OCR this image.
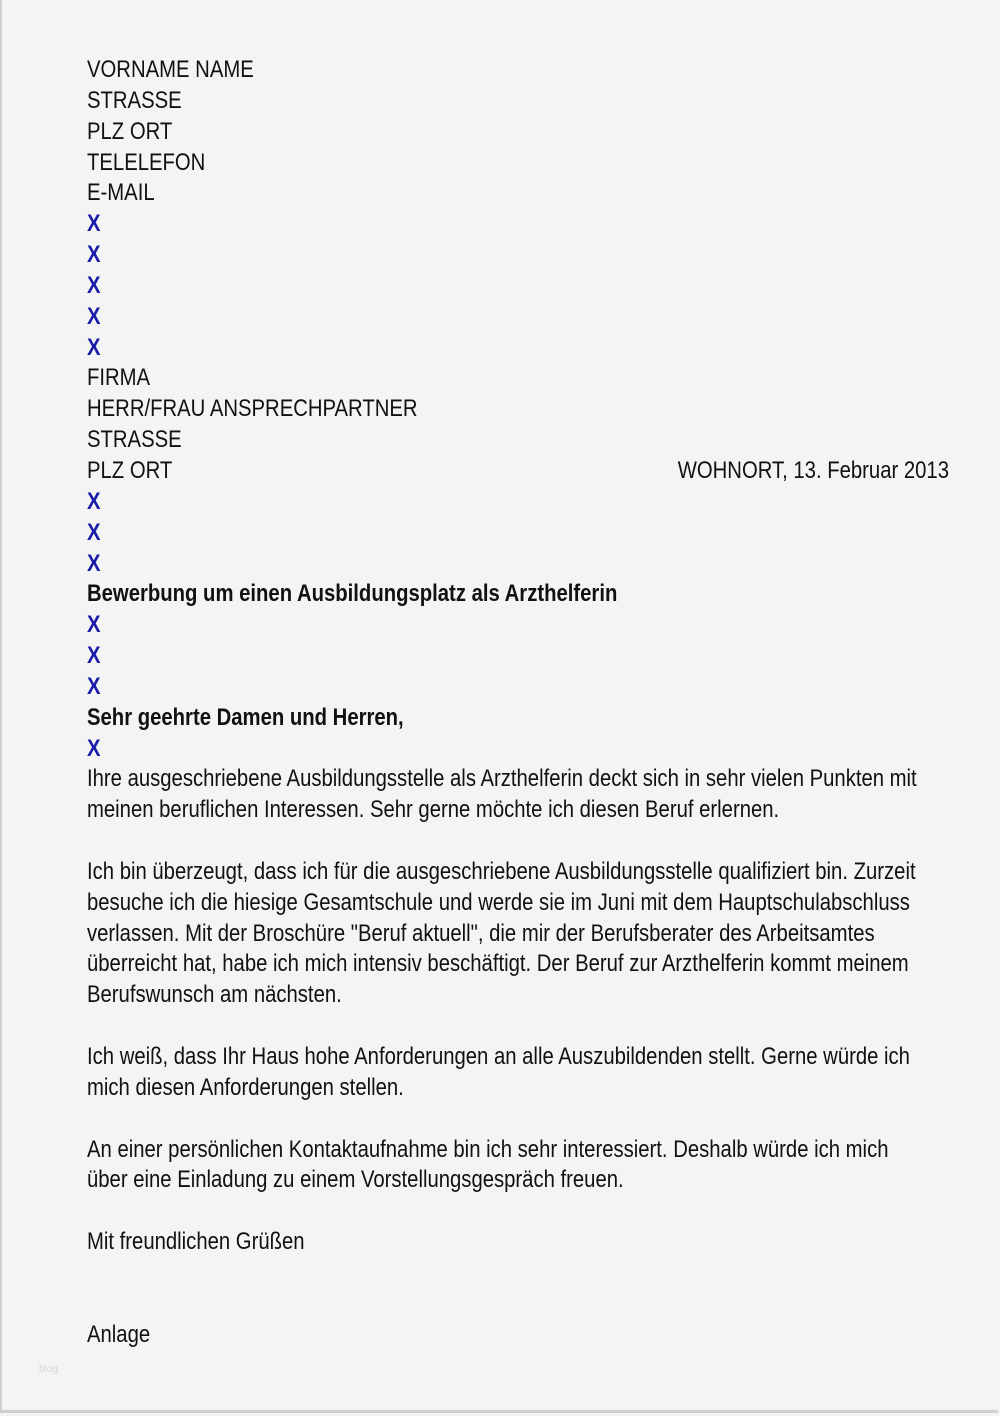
VORNAME NAME
STRASSE
PLZ ORT
TELELEFON
E-MAIL
X
X
X
X
X
FIRMA
HERR/FRAU ANSPRECHPARTNER
STRASSE
PLZ ORT	WOHNORT, 13. Februar 2013
X
X
X
Bewerbung um einen Ausbildungsplatz als Arzthelferin
X
X
X
Sehr geehrte Damen und Herren,
X
Ihre ausgeschriebene Ausbildungsstelle als Arzthelferin deckt sich in sehr vielen Punkten mit
meinen beruflichen Interessen. Sehr gerne möchte ich diesen Beruf erlernen.
Ich bin überzeugt, dass ich für die ausgeschriebene Ausbildungsstelle qualifiziert bin. Zurzeit
besuche ich die hiesige Gesamtschule und werde sie im Juni mit dem Hauptschulabschluss
verlassen. Mit der Broschüre "Beruf aktuell", die mir der Berufsberater des Arbeitsamtes
überreicht hat, habe ich mich intensiv beschäftigt. Der Beruf zur Arzthelferin kommt meinem
Berufswunsch am nächsten.
Ich weiß, dass Ihr Haus hohe Anforderungen an alle Auszubildenden stellt. Gerne würde ich
mich diesen Anforderungen stellen.
An einer persönlichen Kontaktaufnahme bin ich sehr interessiert. Deshalb würde ich mich
über eine Einladung zu einem Vorstellungsgespräch freuen.
Mit freundlichen Grüßen
Anlage
blog
